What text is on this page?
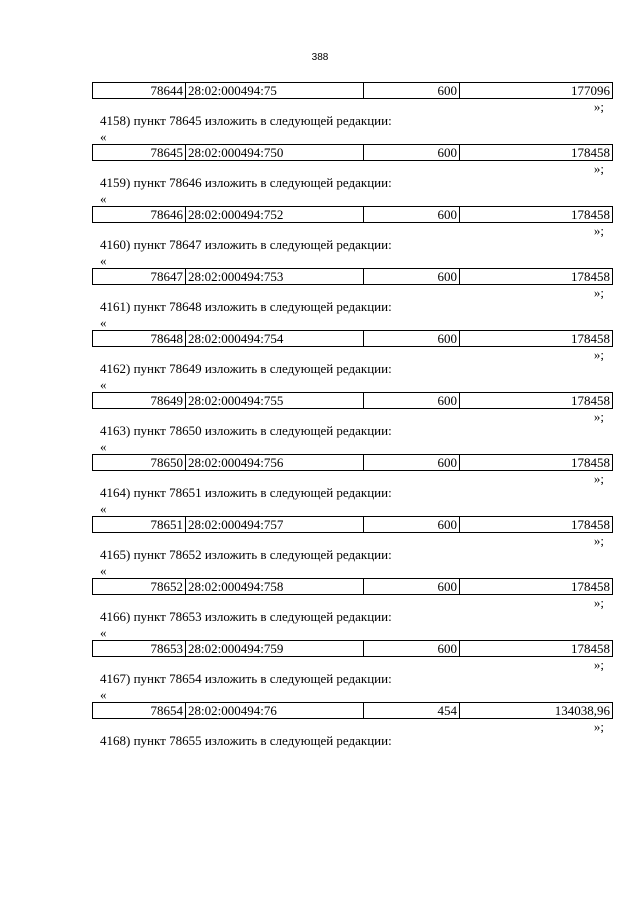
388
78644	28:02:000494:75	600	177096
»;
4158) пункт 78645 изложить в следующей редакции:
«
78645	28:02:000494:750	600	178458
»;
4159) пункт 78646 изложить в следующей редакции:
«
78646	28:02:000494:752	600	178458
»;
4160) пункт 78647 изложить в следующей редакции:
«
78647	28:02:000494:753	600	178458
»;
4161) пункт 78648 изложить в следующей редакции:
«
78648	28:02:000494:754	600	178458
»;
4162) пункт 78649 изложить в следующей редакции:
«
78649	28:02:000494:755	600	178458
»;
4163) пункт 78650 изложить в следующей редакции:
«
78650	28:02:000494:756	600	178458
»;
4164) пункт 78651 изложить в следующей редакции:
«
78651	28:02:000494:757	600	178458
»;
4165) пункт 78652 изложить в следующей редакции:
«
78652	28:02:000494:758	600	178458
»;
4166) пункт 78653 изложить в следующей редакции:
«
78653	28:02:000494:759	600	178458
»;
4167) пункт 78654 изложить в следующей редакции:
«
78654	28:02:000494:76	454	134038,96
»;
4168) пункт 78655 изложить в следующей редакции:
